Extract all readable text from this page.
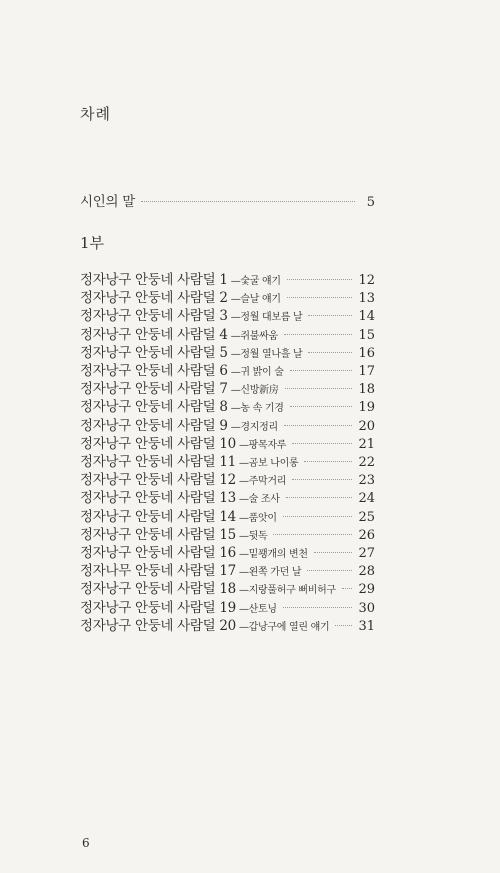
차례
시인의 말	5
1부
정자낭구 안둥네 사람덜 1 —숯굴 얘기	12
정자낭구 안둥네 사람덜 2 —슬날 얘기	13
정자낭구 안둥네 사람덜 3 —정월 대보름 날	14
정자낭구 안둥네 사람덜 4 —쥐불싸움	15
정자낭구 안둥네 사람덜 5 —정월 열나흘 날	16
정자낭구 안둥네 사람덜 6 —귀 밝이 술	17
정자낭구 안둥네 사람덜 7 —신방新房	18
정자낭구 안둥네 사람덜 8 —농 속 기경	19
정자낭구 안둥네 사람덜 9 —경지정리	20
정자낭구 안둥네 사람덜 10 —팡목자루	21
정자낭구 안둥네 사람덜 11 —곰보 나이롱	22
정자낭구 안둥네 사람덜 12 —주막거리	23
정자낭구 안둥네 사람덜 13 —술 조사	24
정자낭구 안둥네 사람덜 14 —품앗이	25
정자낭구 안둥네 사람덜 15 —뒷독	26
정자낭구 안둥네 사람덜 16 —밑꽹개의 변천	27
정자나무 안둥네 사람덜 17 —왼쪽 가던 날	28
정자낭구 안둥네 사람덜 18 —지랑풀허구 뻐비허구 29
정자낭구 안둥네 사람덜 19 —산토닝	30
정자낭구 안둥네 사람덜 20 —갑낭구에 열린 얘기 31
6
